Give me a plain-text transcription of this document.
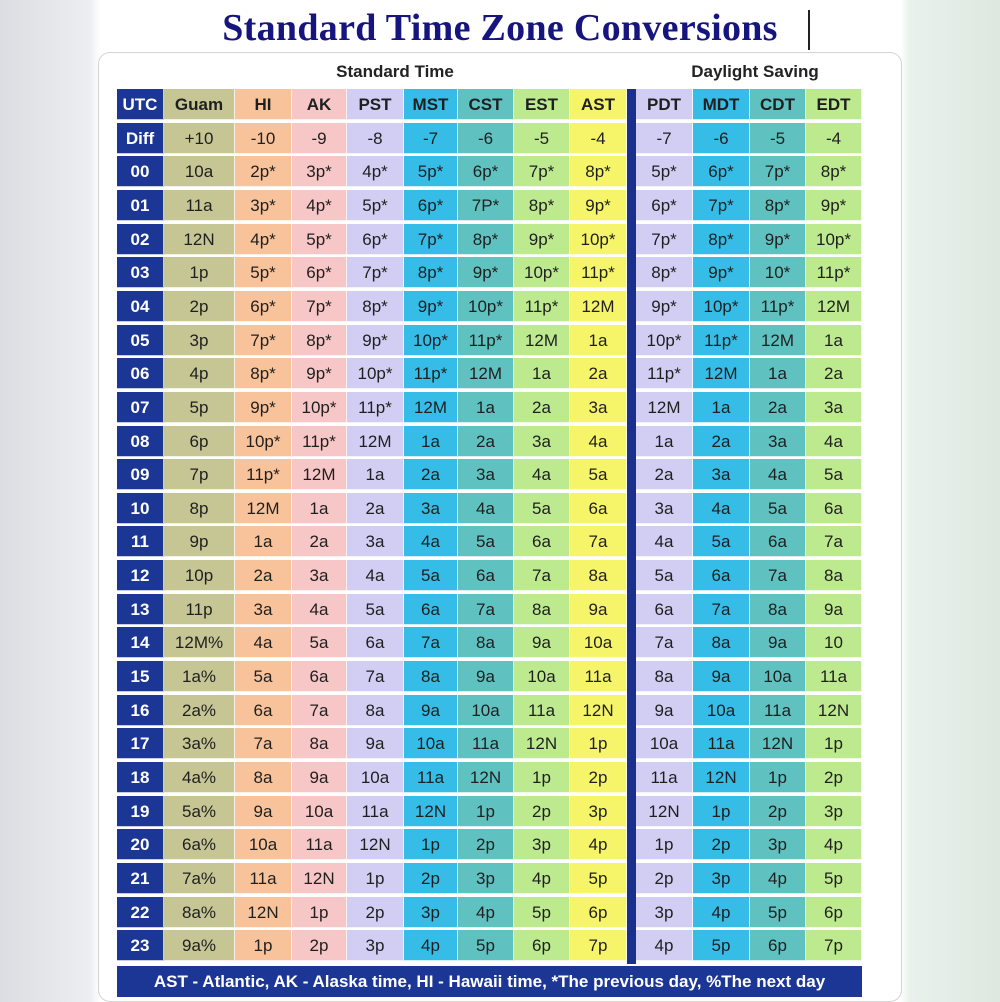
Standard Time Zone Conversions
Standard Time	Daylight Saving
UTC	Guam	HI	AK	PST	MST	CST	EST	AST	PDT	MDT	CDT	EDT
Diff	+10	-10	-9	-8	-7	-6	-5	-4	-7	-6	-5	-4
00	10a	2p*	3p*	4p*	5p*	6p*	7p*	8p*	5p*	6p*	7p*	8p*
01	11a	3p*	4p*	5p*	6p*	7P*	8p*	9p*	6p*	7p*	8p*	9p*
02	12N	4p*	5p*	6p*	7p*	8p*	9p*	10p*	7p*	8p*	9p*	10p*
03	1p	5p*	6p*	7p*	8p*	9p*	10p*	11p*	8p*	9p*	10*	11p*
04	2p	6p*	7p*	8p*	9p*	10p*	11p*	12M	9p*	10p*	11p*	12M
05	3p	7p*	8p*	9p*	10p*	11p*	12M	1a	10p*	11p*	12M	1a
06	4p	8p*	9p*	10p*	11p*	12M	1a	2a	11p*	12M	1a	2a
07	5p	9p*	10p*	11p*	12M	1a	2a	3a	12M	1a	2a	3a
08	6p	10p*	11p*	12M	1a	2a	3a	4a	1a	2a	3a	4a
09	7p	11p*	12M	1a	2a	3a	4a	5a	2a	3a	4a	5a
10	8p	12M	1a	2a	3a	4a	5a	6a	3a	4a	5a	6a
11	9p	1a	2a	3a	4a	5a	6a	7a	4a	5a	6a	7a
12	10p	2a	3a	4a	5a	6a	7a	8a	5a	6a	7a	8a
13	11p	3a	4a	5a	6a	7a	8a	9a	6a	7a	8a	9a
14	12M%	4a	5a	6a	7a	8a	9a	10a	7a	8a	9a	10
15	1a%	5a	6a	7a	8a	9a	10a	11a	8a	9a	10a	11a
16	2a%	6a	7a	8a	9a	10a	11a	12N	9a	10a	11a	12N
17	3a%	7a	8a	9a	10a	11a	12N	1p	10a	11a	12N	1p
18	4a%	8a	9a	10a	11a	12N	1p	2p	11a	12N	1p	2p
19	5a%	9a	10a	11a	12N	1p	2p	3p	12N	1p	2p	3p
20	6a%	10a	11a	12N	1p	2p	3p	4p	1p	2p	3p	4p
21	7a%	11a	12N	1p	2p	3p	4p	5p	2p	3p	4p	5p
22	8a%	12N	1p	2p	3p	4p	5p	6p	3p	4p	5p	6p
23	9a%	1p	2p	3p	4p	5p	6p	7p	4p	5p	6p	7p
AST - Atlantic, AK - Alaska time, HI - Hawaii time, *The previous day, %The next day
